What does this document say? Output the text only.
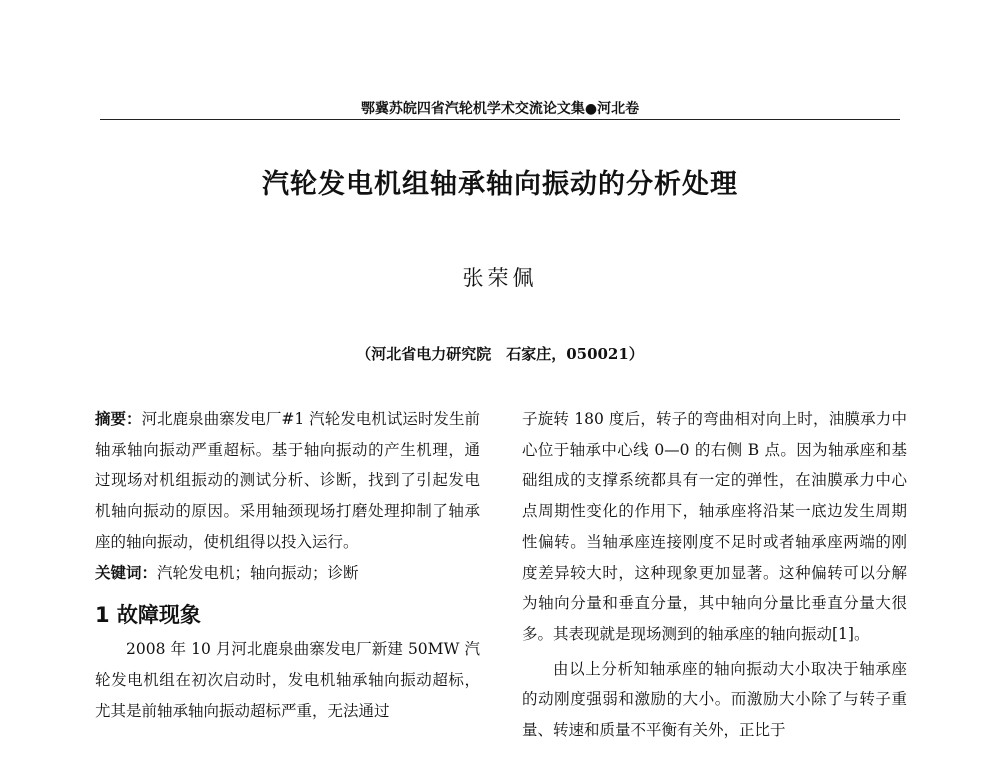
鄂冀苏皖四省汽轮机学术交流论文集●河北卷
汽轮发电机组轴承轴向振动的分析处理
张荣佩
（河北省电力研究院　石家庄，050021）

摘要：河北鹿泉曲寨发电厂#1 汽轮发电机试运时发生前轴承轴向振动严重超标。基于轴向振动的产生机理，通过现场对机组振动的测试分析、诊断，找到了引起发电机轴向振动的原因。采用轴颈现场打磨处理抑制了轴承座的轴向振动，使机组得以投入运行。

关键词：汽轮发电机；轴向振动；诊断

1 故障现象

2008 年 10 月河北鹿泉曲寨发电厂新建 50MW 汽轮发电机组在初次启动时，发电机轴承轴向振动超标，尤其是前轴承轴向振动超标严重，无法通过

子旋转 180 度后，转子的弯曲相对向上时，油膜承力中心位于轴承中心线 0—0 的右侧 B 点。因为轴承座和基础组成的支撑系统都具有一定的弹性，在油膜承力中心点周期性变化的作用下，轴承座将沿某一底边发生周期性偏转。当轴承座连接刚度不足时或者轴承座两端的刚度差异较大时，这种现象更加显著。这种偏转可以分解为轴向分量和垂直分量，其中轴向分量比垂直分量大很多。其表现就是现场测到的轴承座的轴向振动[1]。

由以上分析知轴承座的轴向振动大小取决于轴承座的动刚度强弱和激励的大小。而激励大小除了与转子重量、转速和质量不平衡有关外，正比于
